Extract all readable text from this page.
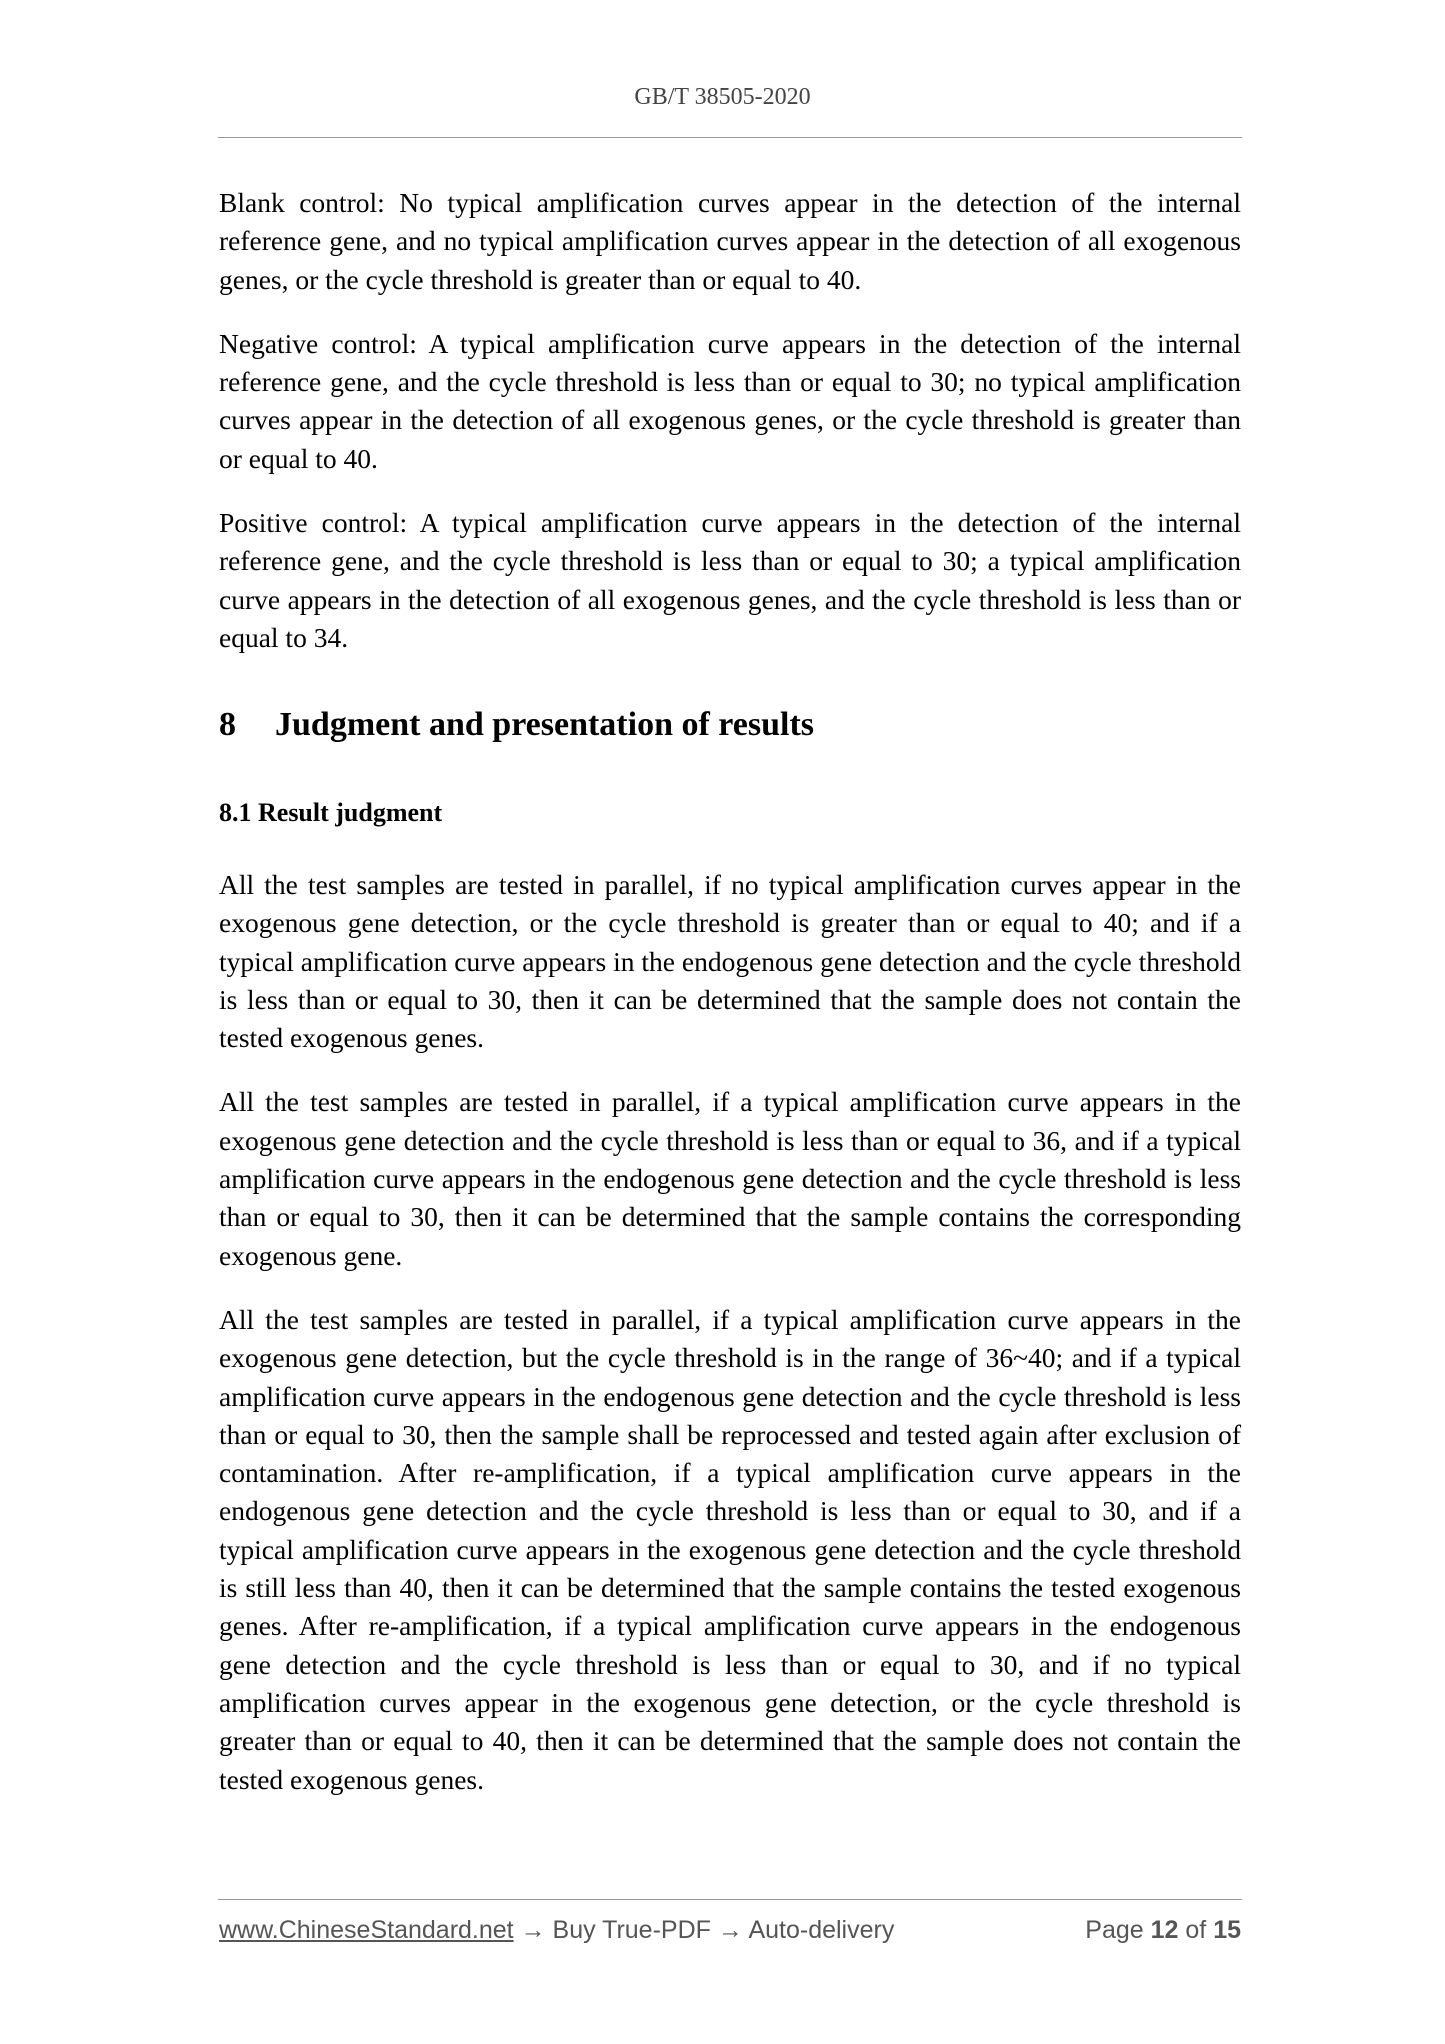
GB/T 38505-2020

Blank control: No typical amplification curves appear in the detection of the internal reference gene, and no typical amplification curves appear in the detection of all exogenous genes, or the cycle threshold is greater than or equal to 40.

Negative control: A typical amplification curve appears in the detection of the internal reference gene, and the cycle threshold is less than or equal to 30; no typical amplification curves appear in the detection of all exogenous genes, or the cycle threshold is greater than or equal to 40.

Positive control: A typical amplification curve appears in the detection of the internal reference gene, and the cycle threshold is less than or equal to 30; a typical amplification curve appears in the detection of all exogenous genes, and the cycle threshold is less than or equal to 34.

8	Judgment and presentation of results
8.1 Result judgment

All the test samples are tested in parallel, if no typical amplification curves appear in the exogenous gene detection, or the cycle threshold is greater than or equal to 40; and if a typical amplification curve appears in the endogenous gene detection and the cycle threshold is less than or equal to 30, then it can be determined that the sample does not contain the tested exogenous genes.

All the test samples are tested in parallel, if a typical amplification curve appears in the exogenous gene detection and the cycle threshold is less than or equal to 36, and if a typical amplification curve appears in the endogenous gene detection and the cycle threshold is less than or equal to 30, then it can be determined that the sample contains the corresponding exogenous gene.

All the test samples are tested in parallel, if a typical amplification curve appears in the exogenous gene detection, but the cycle threshold is in the range of 36~40; and if a typical amplification curve appears in the endogenous gene detection and the cycle threshold is less than or equal to 30, then the sample shall be reprocessed and tested again after exclusion of contamination. After re-amplification, if a typical amplification curve appears in the endogenous gene detection and the cycle threshold is less than or equal to 30, and if a typical amplification curve appears in the exogenous gene detection and the cycle threshold is still less than 40, then it can be determined that the sample contains the tested exogenous genes. After re-amplification, if a typical amplification curve appears in the endogenous gene detection and the cycle threshold is less than or equal to 30, and if no typical amplification curves appear in the exogenous gene detection, or the cycle threshold is greater than or equal to 40, then it can be determined that the sample does not contain the tested exogenous genes.

www.ChineseStandard.net → Buy True-PDF → Auto-delivery	Page 12 of 15
